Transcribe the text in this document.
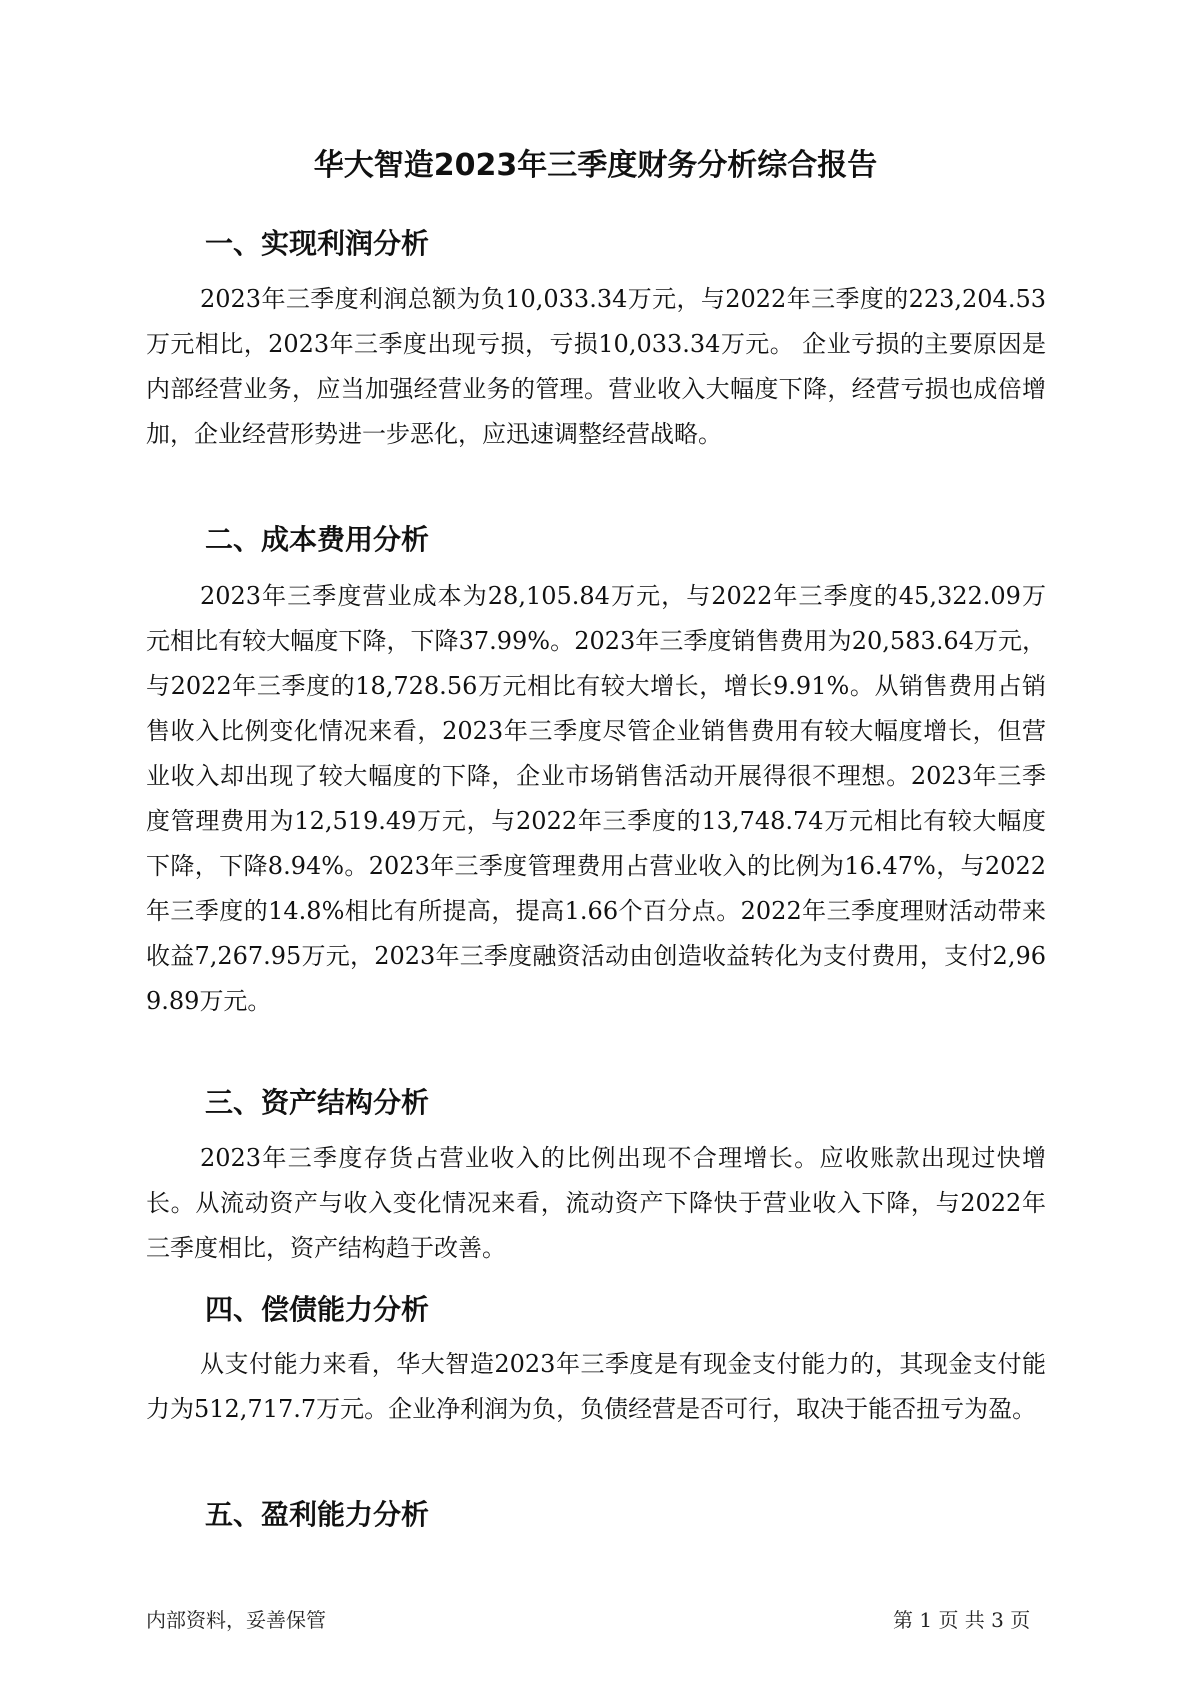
华大智造2023年三季度财务分析综合报告
一、实现利润分析

2023年三季度利润总额为负10,033.34万元，与2022年三季度的223,204.53万元相比，2023年三季度出现亏损，亏损10,033.34万元。 企业亏损的主要原因是内部经营业务，应当加强经营业务的管理。营业收入大幅度下降，经营亏损也成倍增加，企业经营形势进一步恶化，应迅速调整经营战略。

二、成本费用分析

2023年三季度营业成本为28,105.84万元，与2022年三季度的45,322.09万元相比有较大幅度下降，下降37.99%。2023年三季度销售费用为20,583.64万元，与2022年三季度的18,728.56万元相比有较大增长，增长9.91%。从销售费用占销售收入比例变化情况来看，2023年三季度尽管企业销售费用有较大幅度增长，但营业收入却出现了较大幅度的下降，企业市场销售活动开展得很不理想。2023年三季度管理费用为12,519.49万元，与2022年三季度的13,748.74万元相比有较大幅度下降，下降8.94%。2023年三季度管理费用占营业收入的比例为16.47%，与2022年三季度的14.8%相比有所提高，提高1.66个百分点。2022年三季度理财活动带来收益7,267.95万元，2023年三季度融资活动由创造收益转化为支付费用，支付2,969.89万元。

三、资产结构分析

2023年三季度存货占营业收入的比例出现不合理增长。应收账款出现过快增长。从流动资产与收入变化情况来看，流动资产下降快于营业收入下降，与2022年三季度相比，资产结构趋于改善。

四、偿债能力分析

从支付能力来看，华大智造2023年三季度是有现金支付能力的，其现金支付能力为512,717.7万元。企业净利润为负，负债经营是否可行，取决于能否扭亏为盈。

五、盈利能力分析
内部资料，妥善保管	第 1 页 共 3 页
